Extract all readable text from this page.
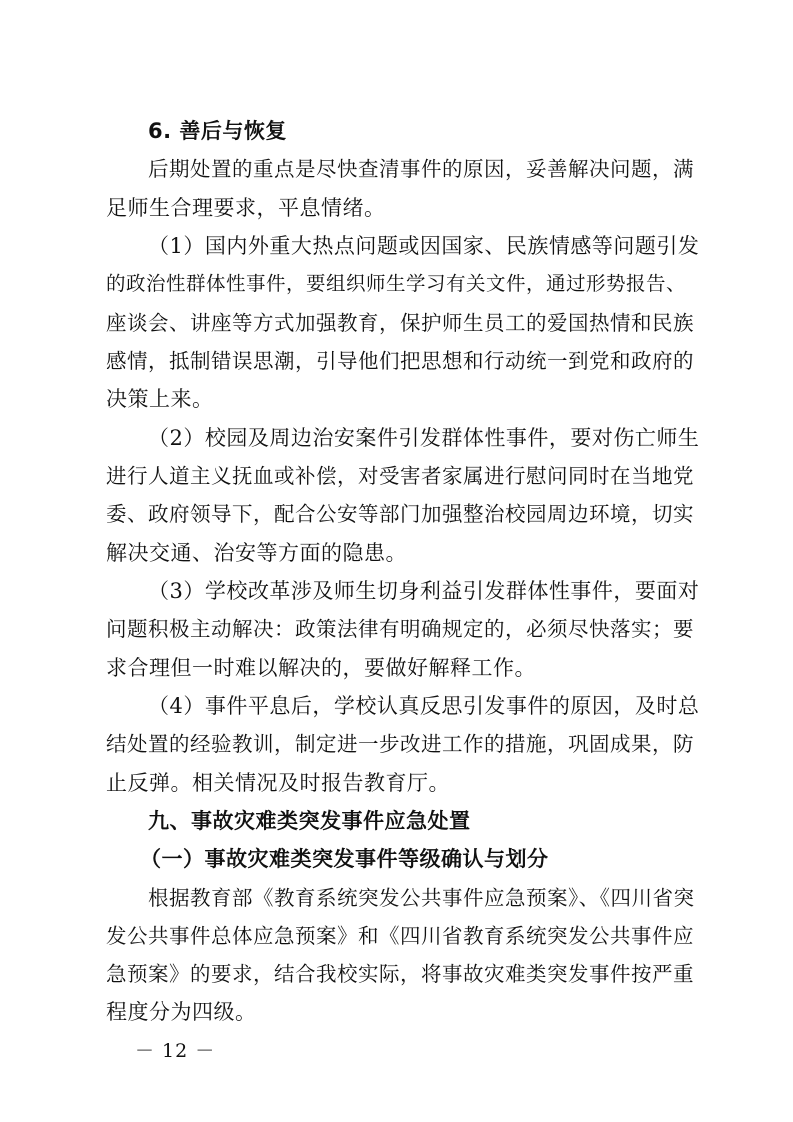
6. 善后与恢复
后期处置的重点是尽快查清事件的原因，妥善解决问题，满
足师生合理要求，平息情绪。
（1）国内外重大热点问题或因国家、民族情感等问题引发
的政治性群体性事件，要组织师生学习有关文件，通过形势报告、
座谈会、讲座等方式加强教育，保护师生员工的爱国热情和民族
感情，抵制错误思潮，引导他们把思想和行动统一到党和政府的
决策上来。
（2）校园及周边治安案件引发群体性事件，要对伤亡师生
进行人道主义抚血或补偿，对受害者家属进行慰问同时在当地党
委、政府领导下，配合公安等部门加强整治校园周边环境，切实
解决交通、治安等方面的隐患。
（3）学校改革涉及师生切身利益引发群体性事件，要面对
问题积极主动解决：政策法律有明确规定的，必须尽快落实；要
求合理但一时难以解决的，要做好解释工作。
（4）事件平息后，学校认真反思引发事件的原因，及时总
结处置的经验教训，制定进一步改进工作的措施，巩固成果，防
止反弹。相关情况及时报告教育厅。
九、事故灾难类突发事件应急处置
（一）事故灾难类突发事件等级确认与划分
根据教育部《教育系统突发公共事件应急预案》、《四川省突
发公共事件总体应急预案》和《四川省教育系统突发公共事件应
急预案》的要求，结合我校实际，将事故灾难类突发事件按严重
程度分为四级。
－ 12 －
